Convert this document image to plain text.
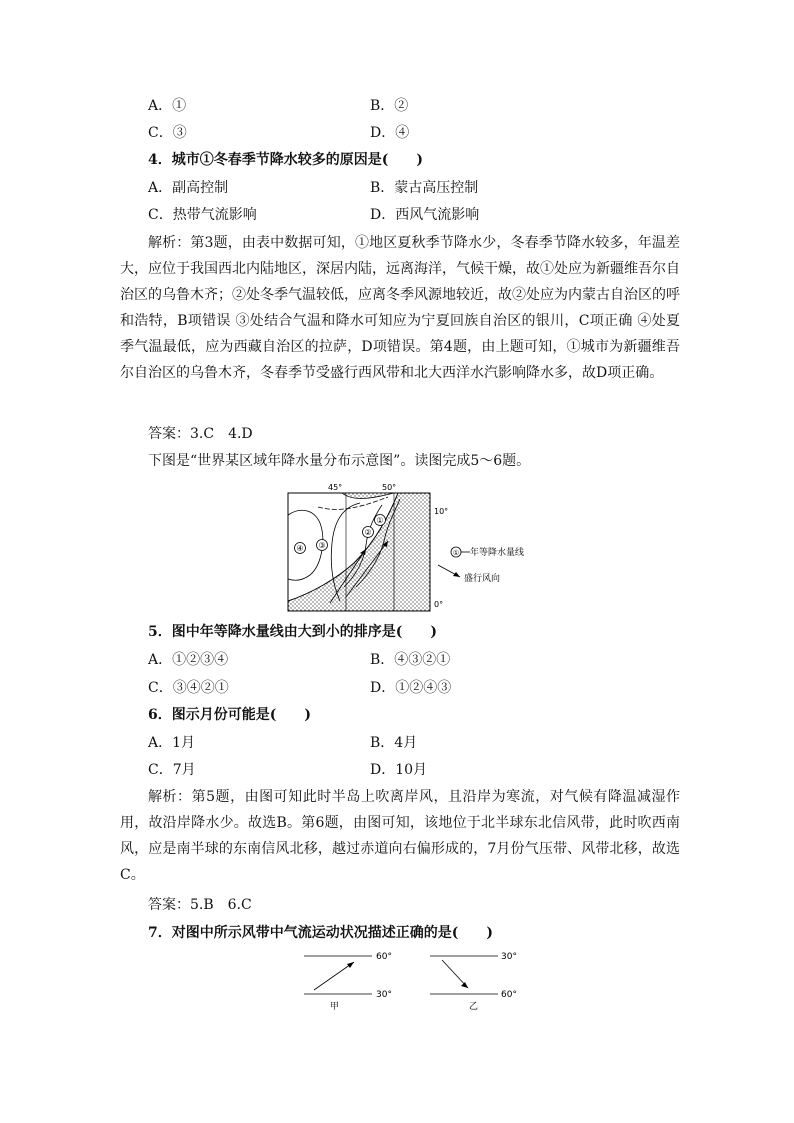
A．①	B．②
C．③	D．④
4．城市①冬春季节降水较多的原因是(　　)
A．副高控制	B．蒙古高压控制
C．热带气流影响	D．西风气流影响
解析：第3题，由表中数据可知，①地区夏秋季节降水少，冬春季节降水较多，年温差大，应位于我国西北内陆地区，深居内陆，远离海洋，气候干燥，故①处应为新疆维吾尔自治区的乌鲁木齐；②处冬季气温较低，应离冬季风源地较近，故②处应为内蒙古自治区的呼和浩特，B项错误 ③处结合气温和降水可知应为宁夏回族自治区的银川，C项正确 ④处夏季气温最低，应为西藏自治区的拉萨，D项错误。第4题，由上题可知，①城市为新疆维吾尔自治区的乌鲁木齐，冬春季节受盛行西风带和北大西洋水汽影响降水多，故D项正确。
答案：3.C　4.D
下图是“世界某区域年降水量分布示意图”。读图完成5～6题。
①
②
③
④
45°	50°
10°
0°
① 年等降水量线
盛行风向
5．图中年等降水量线由大到小的排序是(　　)
A．①②③④	B．④③②①
C．③④②①	D．①②④③
6．图示月份可能是(　　)
A．1月	B．4月
C．7月	D．10月
解析：第5题，由图可知此时半岛上吹离岸风，且沿岸为寒流，对气候有降温减湿作用，故沿岸降水少。故选B。第6题，由图可知，该地位于北半球东北信风带，此时吹西南风，应是南半球的东南信风北移，越过赤道向右偏形成的，7月份气压带、风带北移，故选C。
答案：5.B　6.C
7．对图中所示风带中气流运动状况描述正确的是(　　)
60°
30°
甲
30°
60°
乙
